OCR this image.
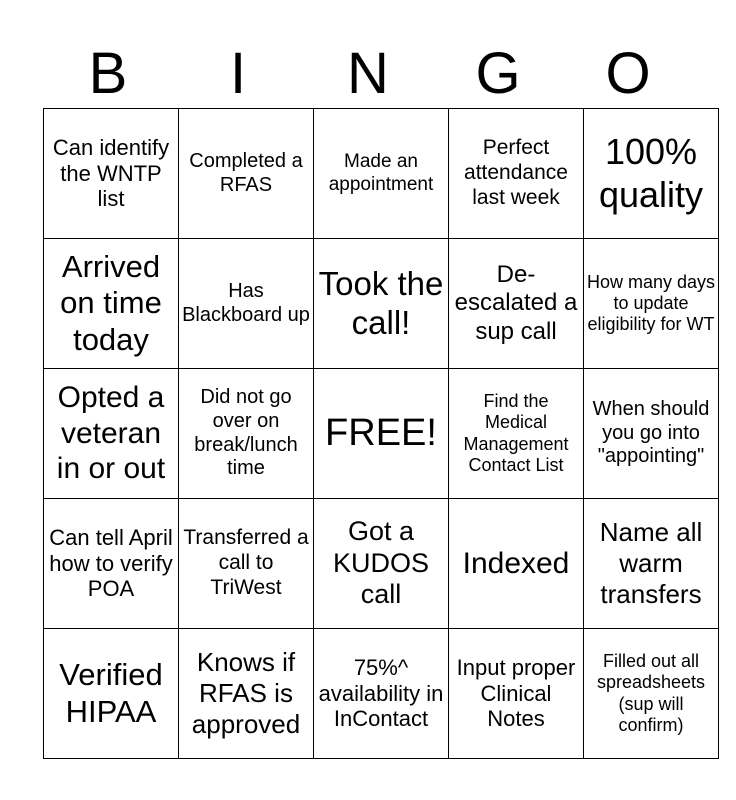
B	I	N	G	O
Can identify the WNTP list	Completed a RFAS	Made an appointment	Perfect attendance last week	100% quality
Arrived on time today	Has Blackboard up	Took the call!	De-escalated a sup call	How many days to update eligibility for WT
Opted a veteran in or out	Did not go over on break/lunch time	FREE!	Find the Medical Management Contact List	When should you go into "appointing"
Can tell April how to verify POA	Transferred a call to TriWest	Got a KUDOS call	Indexed	Name all warm transfers
Verified HIPAA	Knows if RFAS is approved	75%^ availability in InContact	Input proper Clinical Notes	Filled out all spreadsheets (sup will confirm)
